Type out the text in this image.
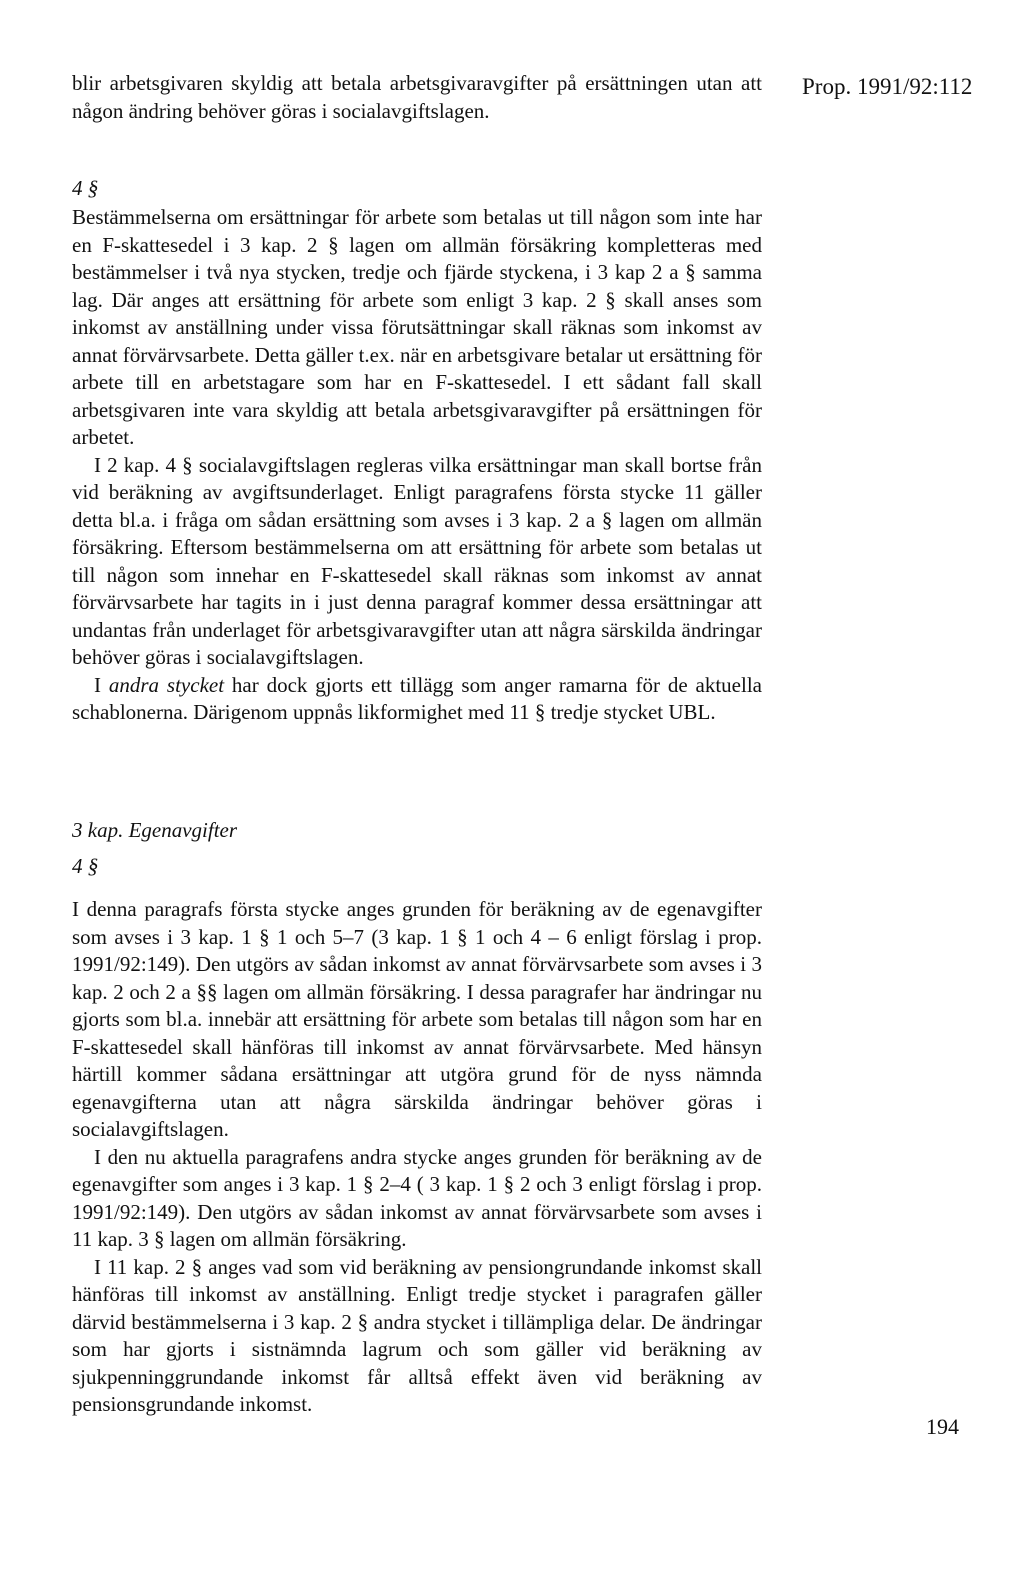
Prop. 1991/92:112

blir arbetsgivaren skyldig att betala arbetsgivaravgifter på ersättningen utan att någon ändring behöver göras i socialavgiftslagen.

4 §

Bestämmelserna om ersättningar för arbete som betalas ut till någon som inte har en F-skattesedel i 3 kap. 2 § lagen om allmän försäkring kompletteras med bestämmelser i två nya stycken, tredje och fjärde styckena, i 3 kap 2 a § samma lag. Där anges att ersättning för arbete som enligt 3 kap. 2 § skall anses som inkomst av anställning under vissa förutsättningar skall räknas som inkomst av annat förvärvsarbete. Detta gäller t.ex. när en arbetsgivare betalar ut ersättning för arbete till en arbetstagare som har en F-skattesedel. I ett sådant fall skall arbetsgivaren inte vara skyldig att betala arbetsgivaravgifter på ersättningen för arbetet.

I 2 kap. 4 § socialavgiftslagen regleras vilka ersättningar man skall bortse från vid beräkning av avgiftsunderlaget. Enligt paragrafens första stycke 11 gäller detta bl.a. i fråga om sådan ersättning som avses i 3 kap. 2 a § lagen om allmän försäkring. Eftersom bestämmelserna om att ersättning för arbete som betalas ut till någon som innehar en F-skattesedel skall räknas som inkomst av annat förvärvsarbete har tagits in i just denna paragraf kommer dessa ersättningar att undantas från underlaget för arbetsgivaravgifter utan att några särskilda ändringar behöver göras i socialavgiftslagen.

I andra stycket har dock gjorts ett tillägg som anger ramarna för de aktuella schablonerna. Därigenom uppnås likformighet med 11 § tredje stycket UBL.

3 kap. Egenavgifter

4 §

I denna paragrafs första stycke anges grunden för beräkning av de egenavgifter som avses i 3 kap. 1 § 1 och 5–7 (3 kap. 1 § 1 och 4 – 6 enligt förslag i prop. 1991/92:149). Den utgörs av sådan inkomst av annat förvärvsarbete som avses i 3 kap. 2 och 2 a §§ lagen om allmän försäkring. I dessa paragrafer har ändringar nu gjorts som bl.a. innebär att ersättning för arbete som betalas till någon som har en F-skattesedel skall hänföras till inkomst av annat förvärvsarbete. Med hänsyn härtill kommer sådana ersättningar att utgöra grund för de nyss nämnda egenavgifterna utan att några särskilda ändringar behöver göras i socialavgiftslagen.

I den nu aktuella paragrafens andra stycke anges grunden för beräkning av de egenavgifter som anges i 3 kap. 1 § 2–4 ( 3 kap. 1 § 2 och 3 enligt förslag i prop. 1991/92:149). Den utgörs av sådan inkomst av annat förvärvsarbete som avses i 11 kap. 3 § lagen om allmän försäkring.

I 11 kap. 2 § anges vad som vid beräkning av pensiongrundande inkomst skall hänföras till inkomst av anställning. Enligt tredje stycket i paragrafen gäller därvid bestämmelserna i 3 kap. 2 § andra stycket i tillämpliga delar. De ändringar som har gjorts i sistnämnda lagrum och som gäller vid beräkning av sjukpenninggrundande inkomst får alltså effekt även vid beräkning av pensionsgrundande inkomst.

194
